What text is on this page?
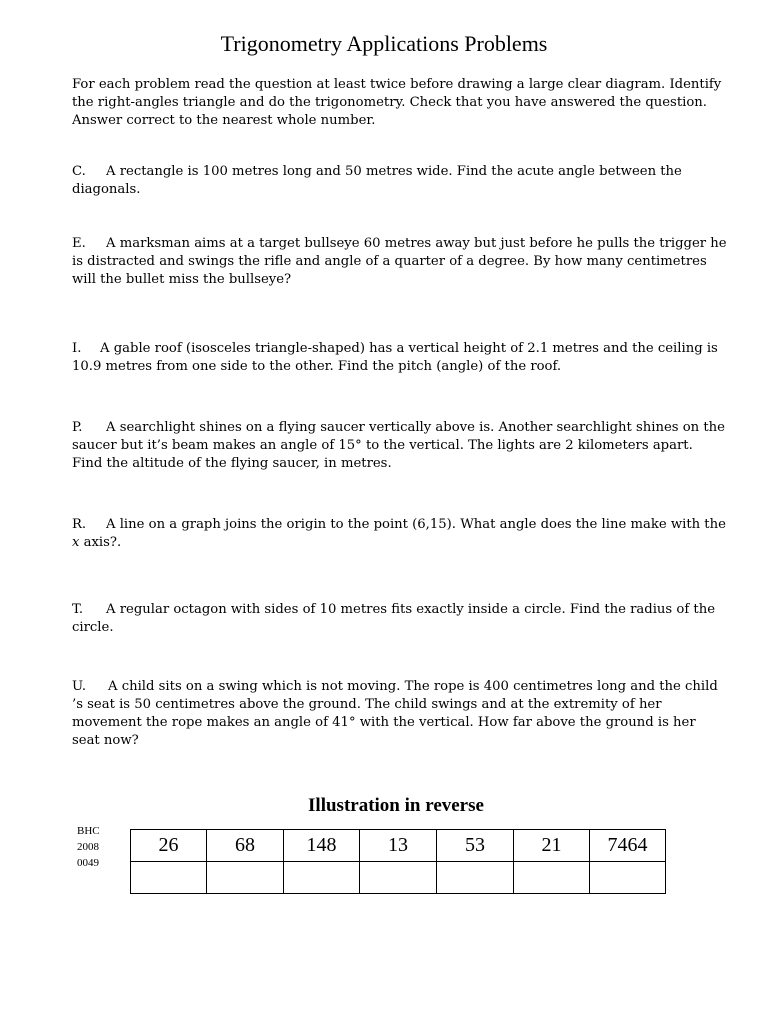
Trigonometry Applications Problems
For each problem read the question at least twice before drawing a large clear diagram. Identify the right-angles triangle and do the trigonometry. Check that you have answered the question. Answer correct to the nearest whole number.
C. A rectangle is 100 metres long and 50 metres wide. Find the acute angle between the diagonals.
E. A marksman aims at a target bullseye 60 metres away but just before he pulls the trigger he is distracted and swings the rifle and angle of a quarter of a degree. By how many centimetres will the bullet miss the bullseye?
I. A gable roof (isosceles triangle-shaped) has a vertical height of 2.1 metres and the ceiling is 10.9 metres from one side to the other. Find the pitch (angle) of the roof.
P. A searchlight shines on a flying saucer vertically above is. Another searchlight shines on the saucer but it’s beam makes an angle of 15° to the vertical. The lights are 2 kilometers apart. Find the altitude of the flying saucer, in metres.
R. A line on a graph joins the origin to the point (6,15). What angle does the line make with the x axis?.
T. A regular octagon with sides of 10 metres fits exactly inside a circle. Find the radius of the circle.
U. A child sits on a swing which is not moving. The rope is 400 centimetres long and the child ’s seat is 50 centimetres above the ground. The child swings and at the extremity of her movement the rope makes an angle of 41° with the vertical. How far above the ground is her seat now?
Illustration in reverse
BHC
2008
0049
26	68	148	13	53	21	7464
